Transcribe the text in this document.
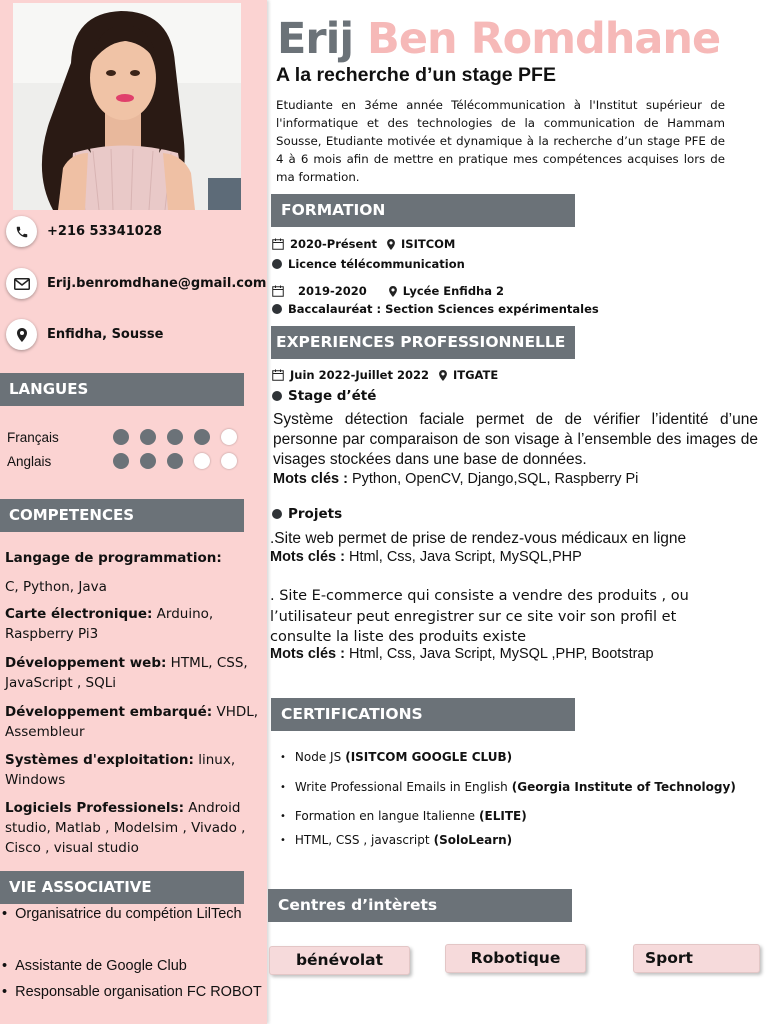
+216 53341028
Erij.benromdhane@gmail.com
Enfidha, Sousse
LANGUES
Français
Anglais
COMPETENCES
Langage de programmation:
C, Python, Java
Carte électronique: Arduino, Raspberry Pi3
Développement web: HTML, CSS, JavaScript , SQLi
Développement embarqué: VHDL, Assembleur
Systèmes d'exploitation: linux, Windows
Logiciels Professionels: Android studio, Matlab , Modelsim , Vivado , Cisco , visual studio
VIE ASSOCIATIVE
• Organisatrice du compétion LilTech
• Assistante de Google Club
• Responsable organisation FC ROBOT
Erij Ben Romdhane
A la recherche d’un stage PFE
Etudiante en 3éme année Télécommunication à l'Institut supérieur de l'informatique et des technologies de la communication de Hammam Sousse, Etudiante motivée et dynamique à la recherche d’un stage PFE de 4 à 6 mois afin de mettre en pratique mes compétences acquises lors de ma formation.
FORMATION
2020-Présent ISITCOM
Licence télécommunication
2019-2020	Lycée Enfidha 2
Baccalauréat : Section Sciences expérimentales
EXPERIENCES PROFESSIONNELLE
Juin 2022-Juillet 2022 ITGATE
Stage d’été
Système détection faciale permet de de vérifier l’identité d’une personne par comparaison de son visage à l’ensemble des images de visages stockées dans une base de données.
Mots clés : Python, OpenCV, Django,SQL, Raspberry Pi
Projets
.Site web permet de prise de rendez-vous médicaux en ligne
Mots clés : Html, Css, Java Script, MySQL,PHP
. Site E-commerce qui consiste a vendre des produits , ou l’utilisateur peut enregistrer sur ce site voir son profil et consulte la liste des produits existe
Mots clés : Html, Css, Java Script, MySQL ,PHP, Bootstrap
CERTIFICATIONS
• Node JS (ISITCOM GOOGLE CLUB)
• Write Professional Emails in English (Georgia Institute of Technology)
• Formation en langue Italienne (ELITE)
• HTML, CSS , javascript (SoloLearn)
Centres d’intèrets
bénévolat	Robotique	Sport
